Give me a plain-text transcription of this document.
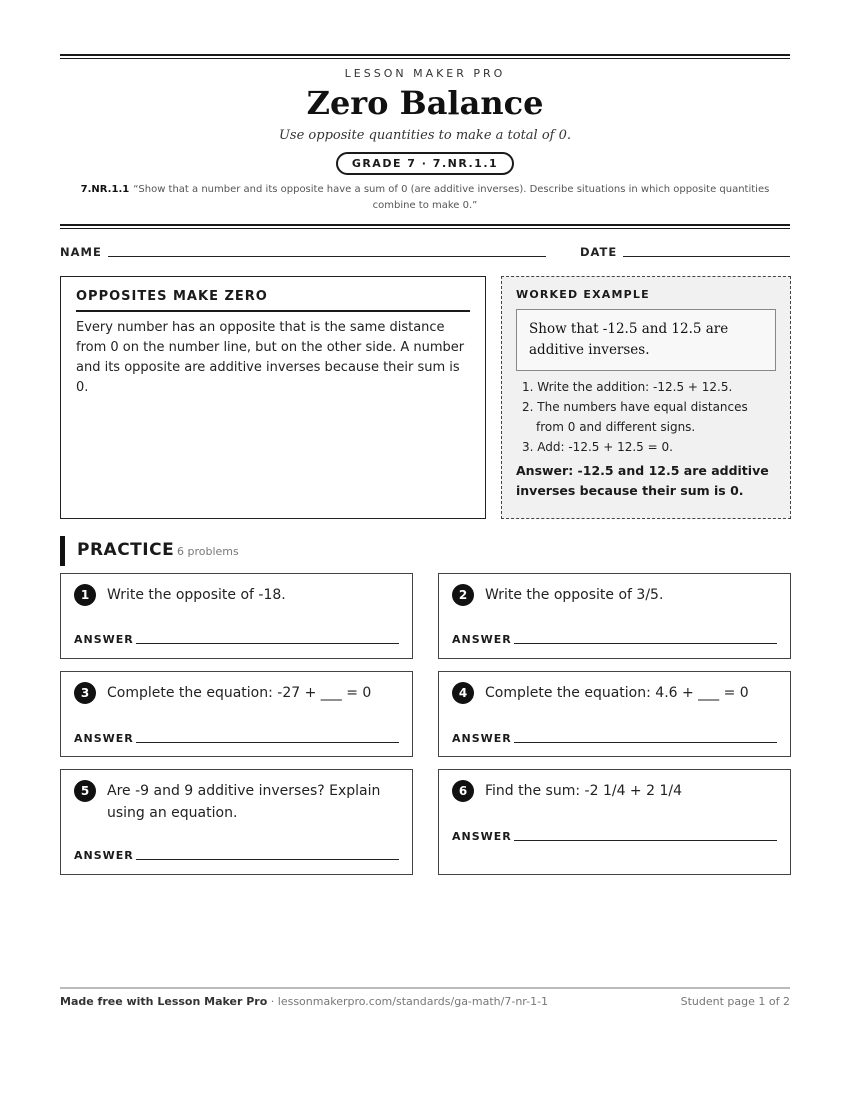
LESSON MAKER PRO
Zero Balance
Use opposite quantities to make a total of 0.
GRADE 7 · 7.NR.1.1
7.NR.1.1 “Show that a number and its opposite have a sum of 0 (are additive inverses). Describe situations in which opposite quantities combine to make 0.”
NAME	DATE
OPPOSITES MAKE ZERO
Every number has an opposite that is the same distance from 0 on the number line, but on the other side. A number and its opposite are additive inverses because their sum is 0.
WORKED EXAMPLE
Show that -12.5 and 12.5 are additive inverses.
1. Write the addition: -12.5 + 12.5.
2. The numbers have equal distances from 0 and different signs.
3. Add: -12.5 + 12.5 = 0.
Answer: -12.5 and 12.5 are additive inverses because their sum is 0.
PRACTICE 6 problems
1	Write the opposite of -18.
ANSWER
2	Write the opposite of 3/5.
ANSWER
3	Complete the equation: -27 + ___ = 0
ANSWER
4	Complete the equation: 4.6 + ___ = 0
ANSWER
5	Are -9 and 9 additive inverses? Explain using an equation.
ANSWER
6	Find the sum: -2 1/4 + 2 1/4
ANSWER
Made free with Lesson Maker Pro · lessonmakerpro.com/standards/ga-math/7-nr-1-1	Student page 1 of 2
